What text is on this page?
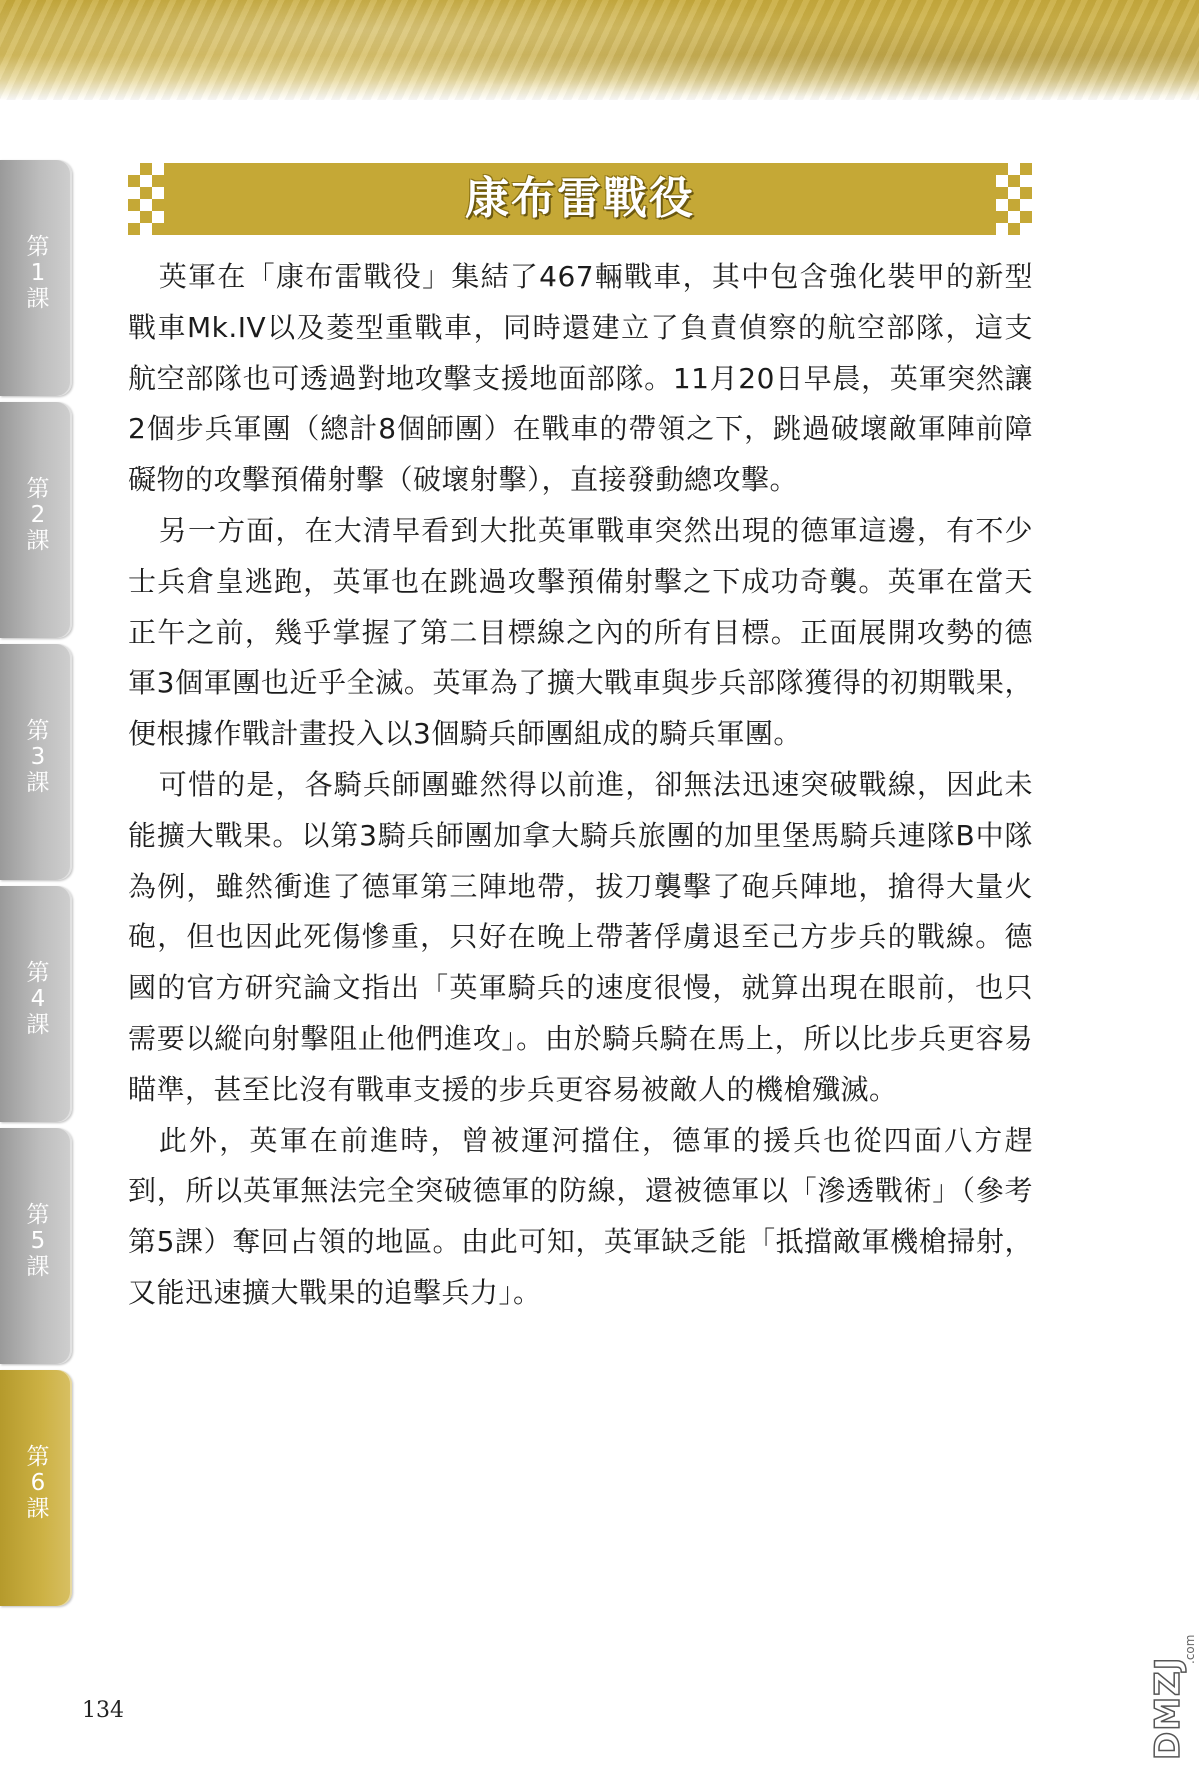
第
1
課
第
2
課
第
3
課
第
4
課
第
5
課
第
6
課
康布雷戰役

英軍在「康布雷戰役」集結了467輛戰車，其中包含強化裝甲的新型戰車Mk.IV以及菱型重戰車，同時還建立了負責偵察的航空部隊，這支航空部隊也可透過對地攻擊支援地面部隊。11月20日早晨，英軍突然讓2個步兵軍團（總計8個師團）在戰車的帶領之下，跳過破壞敵軍陣前障礙物的攻擊預備射擊（破壞射擊），直接發動總攻擊。

另一方面，在大清早看到大批英軍戰車突然出現的德軍這邊，有不少士兵倉皇逃跑，英軍也在跳過攻擊預備射擊之下成功奇襲。英軍在當天正午之前，幾乎掌握了第二目標線之內的所有目標。正面展開攻勢的德軍3個軍團也近乎全滅。英軍為了擴大戰車與步兵部隊獲得的初期戰果，便根據作戰計畫投入以3個騎兵師團組成的騎兵軍團。

可惜的是，各騎兵師團雖然得以前進，卻無法迅速突破戰線，因此未能擴大戰果。以第3騎兵師團加拿大騎兵旅團的加里堡馬騎兵連隊B中隊為例，雖然衝進了德軍第三陣地帶，拔刀襲擊了砲兵陣地，搶得大量火砲，但也因此死傷慘重，只好在晚上帶著俘虜退至己方步兵的戰線。德國的官方研究論文指出「英軍騎兵的速度很慢，就算出現在眼前，也只需要以縱向射擊阻止他們進攻」。由於騎兵騎在馬上，所以比步兵更容易瞄準，甚至比沒有戰車支援的步兵更容易被敵人的機槍殲滅。

此外，英軍在前進時，曾被運河擋住，德軍的援兵也從四面八方趕到，所以英軍無法完全突破德軍的防線，還被德軍以「滲透戰術」（參考第5課）奪回占領的地區。由此可知，英軍缺乏能「抵擋敵軍機槍掃射，又能迅速擴大戰果的追擊兵力」。

134	DMZJ
.com
